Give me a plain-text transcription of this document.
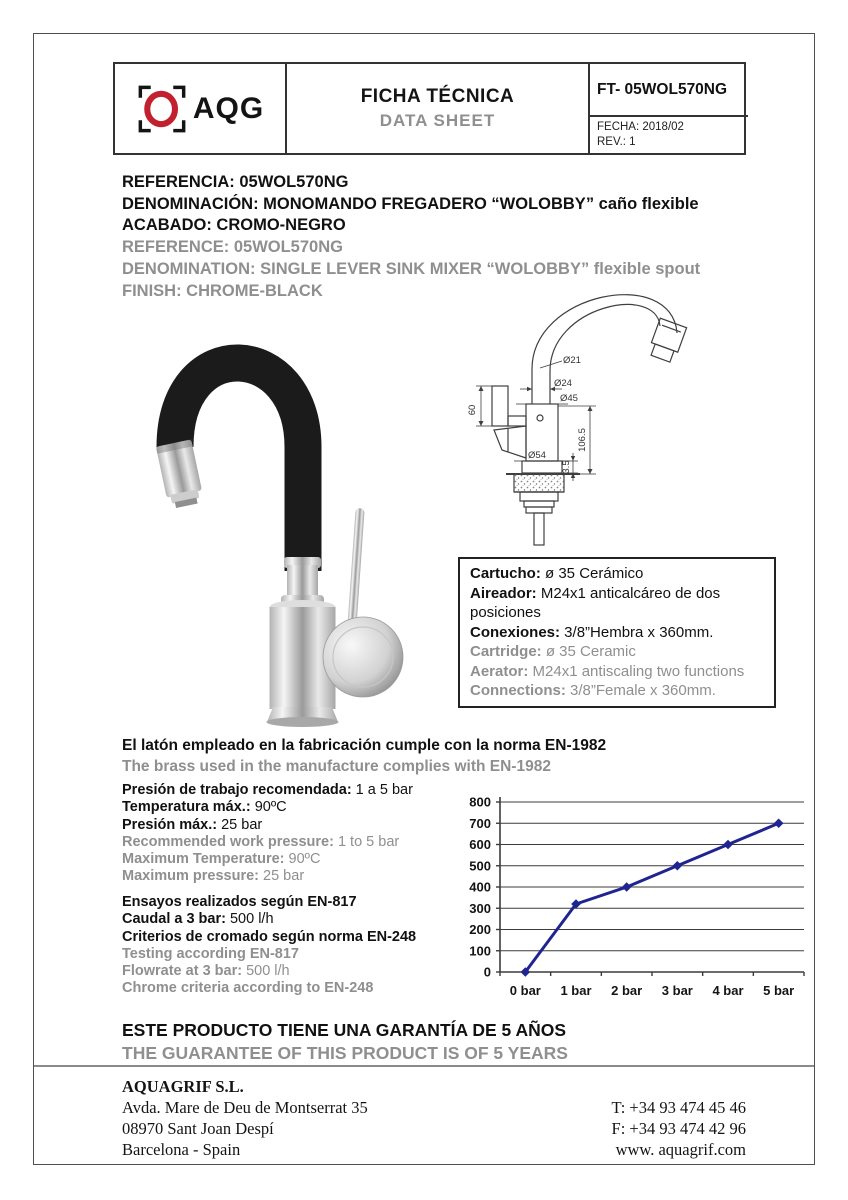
AQG	FICHA TÉCNICA
DATA SHEET
FT- 05WOL570NG
FECHA: 2018/02
REV.: 1
REFERENCIA: 05WOL570NG
DENOMINACIÓN: MONOMANDO FREGADERO “WOLOBBY” caño flexible
ACABADO: CROMO-NEGRO
REFERENCE: 05WOL570NG
DENOMINATION: SINGLE LEVER SINK MIXER “WOLOBBY” flexible spout
FINISH: CHROME-BLACK
Ø21
Ø24
Ø45
60
Ø54
3.5
106.5
Cartucho: ø 35 Cerámico
Aireador: M24x1 anticalcáreo de dos posiciones
Conexiones: 3/8”Hembra x 360mm.
Cartridge: ø 35 Ceramic
Aerator: M24x1 antiscaling two functions
Connections: 3/8”Female x 360mm.
El latón empleado en la fabricación cumple con la norma EN-1982
The brass used in the manufacture complies with EN-1982
Presión de trabajo recomendada: 1 a 5 bar
Temperatura máx.: 90ºC
Presión máx.: 25 bar
Recommended work pressure: 1 to 5 bar
Maximum Temperature: 90ºC
Maximum pressure: 25 bar
Ensayos realizados según EN-817
Caudal a 3 bar: 500 l/h
Criterios de cromado según norma EN-248
Testing according EN-817
Flowrate at 3 bar: 500 l/h
Chrome criteria according to EN-248
0
100
200
300
400
500
600
700
800
0 bar 1 bar 2 bar 3 bar 4 bar 5 bar
ESTE PRODUCTO TIENE UNA GARANTÍA DE 5 AÑOS
THE GUARANTEE OF THIS PRODUCT IS OF 5 YEARS
AQUAGRIF S.L.
Avda. Mare de Deu de Montserrat 35
08970 Sant Joan Despí
Barcelona - Spain
T: +34 93 474 45 46
F: +34 93 474 42 96
www. aquagrif.com
